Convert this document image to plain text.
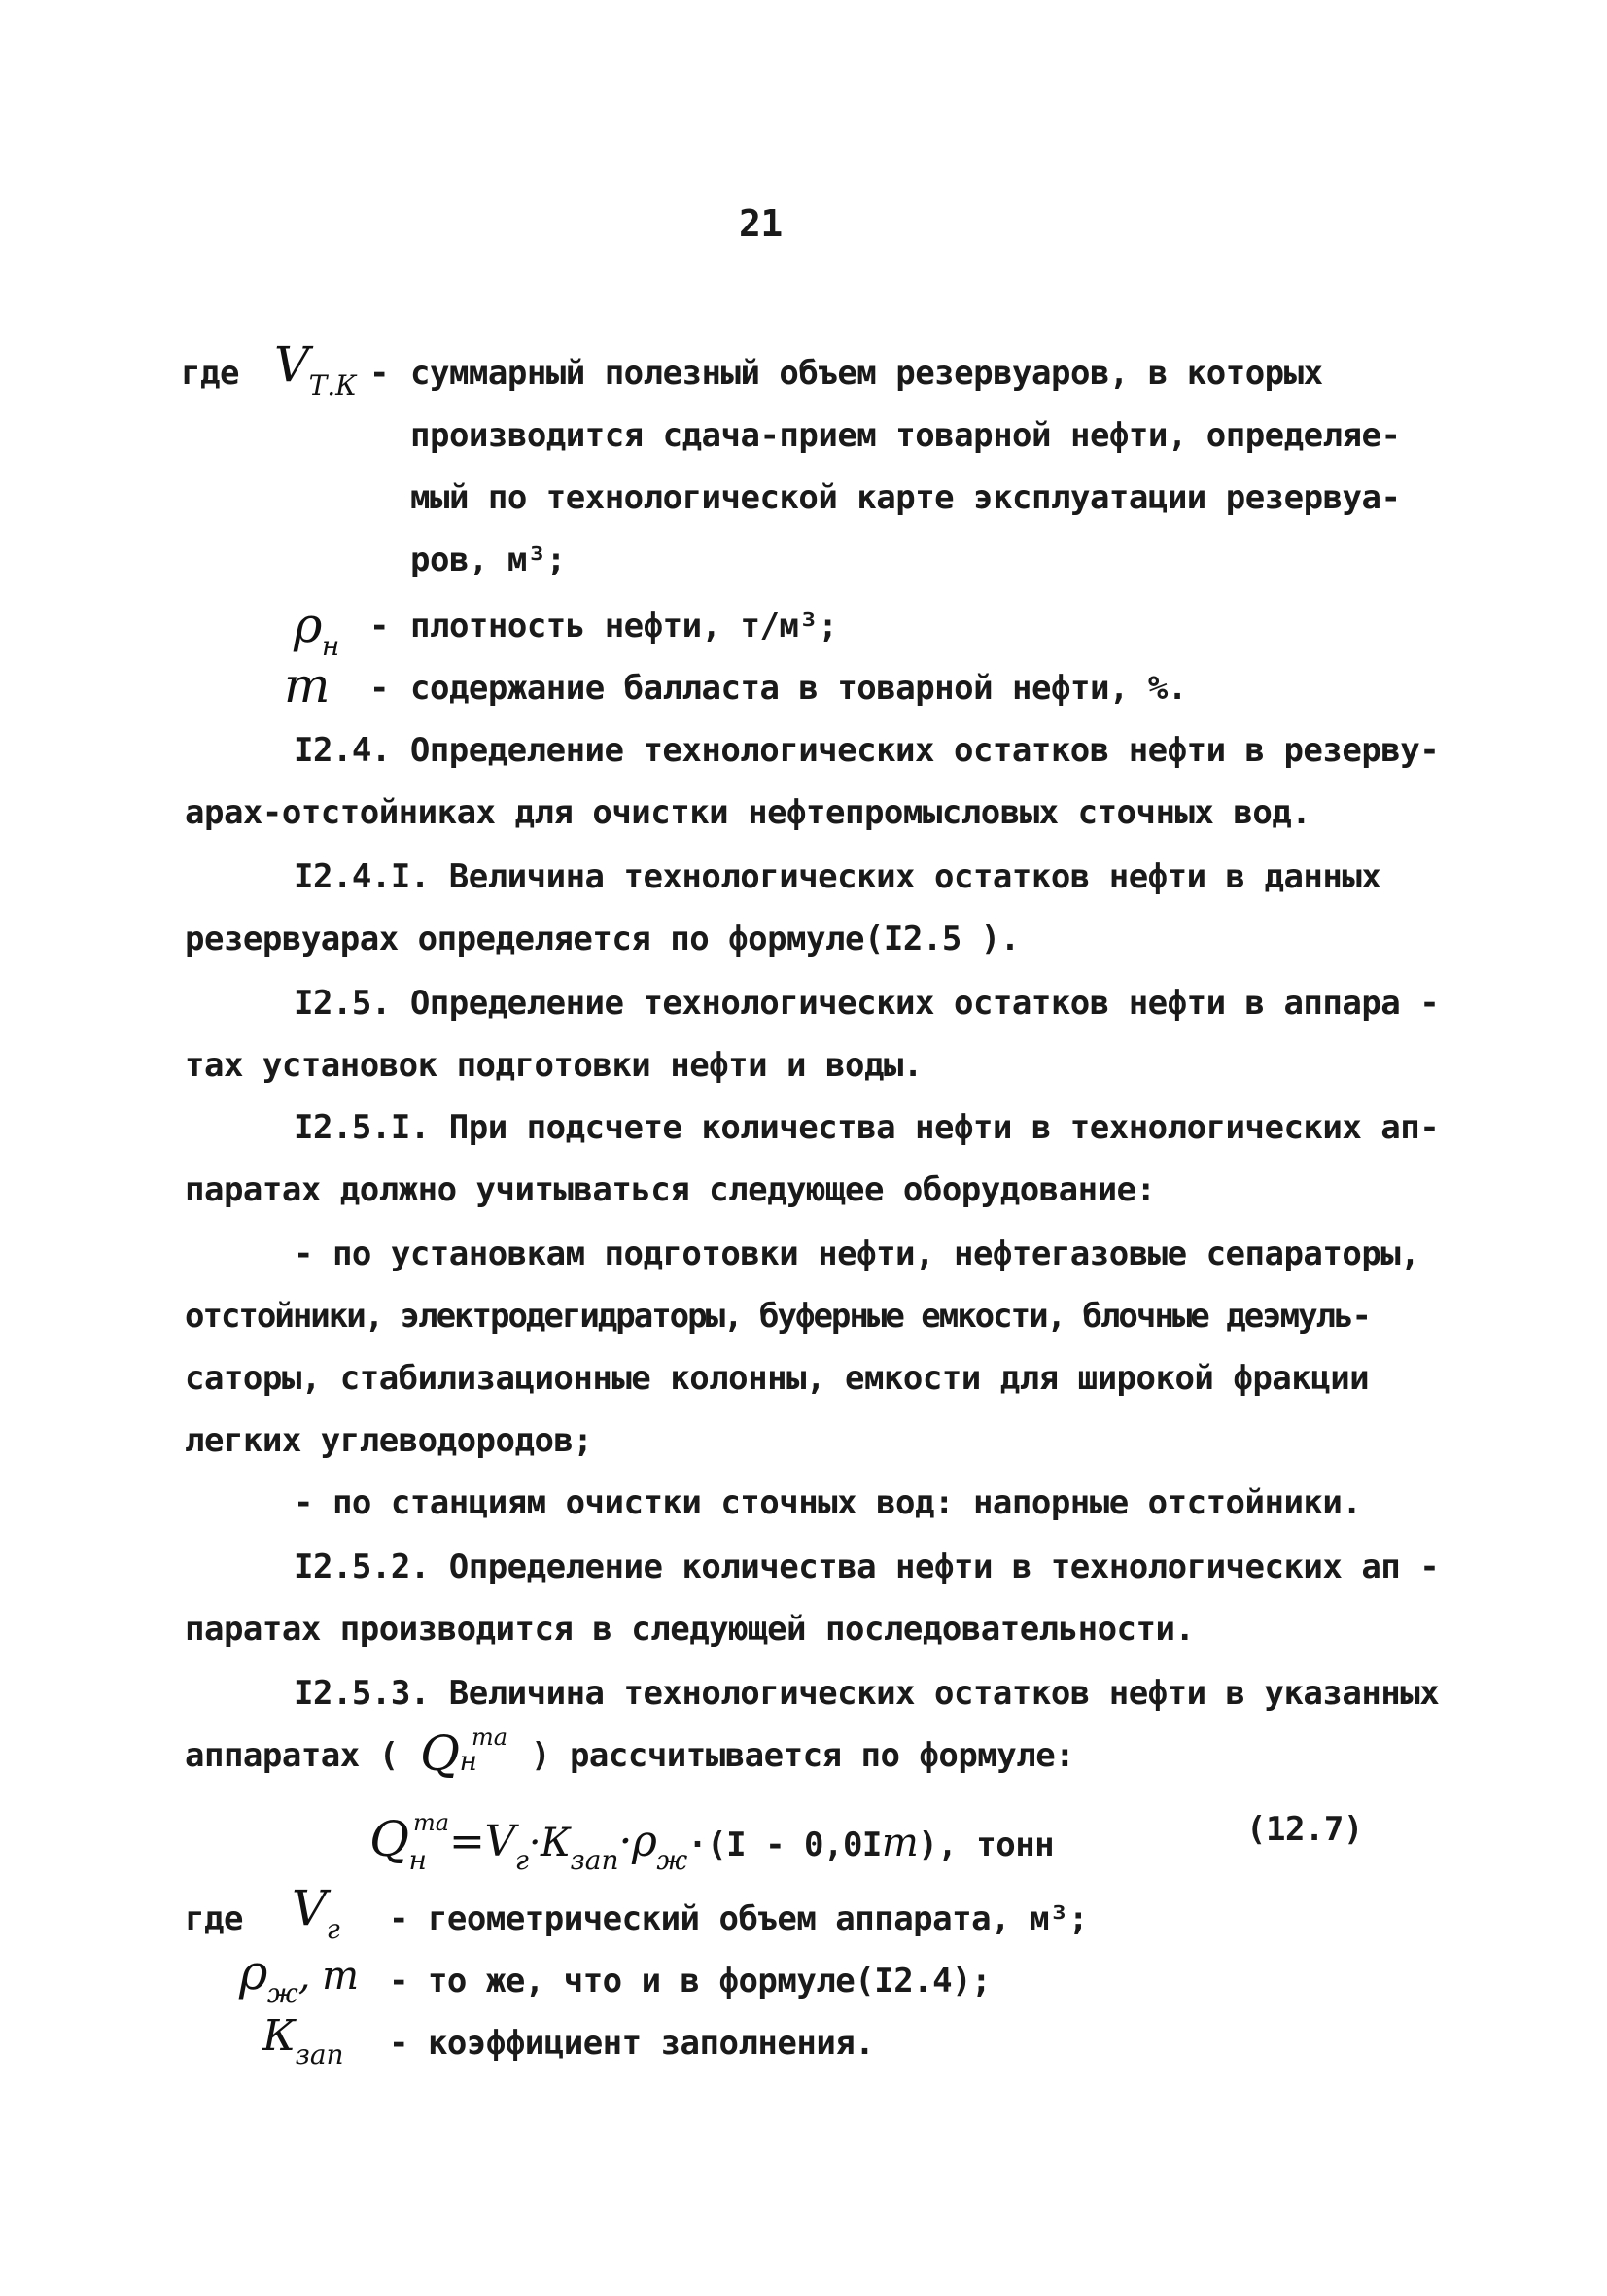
21
где $V_{Т.К}$ - суммарный полезный объем резервуаров, в которых
производится сдача-прием товарной нефти, определяе-
мый по технологической карте эксплуатации резервуа-
ров, м³;
$\rho_н$
- плотность нефти, т/м³;
m - содержание балласта в товарной нефти, %.
I2.4. Определение технологических остатков нефти в резерву-
арах-отстойниках для очистки нефтепромысловых сточных вод.
I2.4.I. Величина технологических остатков нефти в данных
резервуарах определяется по формуле(I2.5 ).
I2.5. Определение технологических остатков нефти в аппара -
тах установок подготовки нефти и воды.
I2.5.I. При подсчете количества нефти в технологических ап-
паратах должно учитываться следующее оборудование:
- по установкам подготовки нефти, нефтегазовые сепараторы,
отстойники, электродегидраторы, буферные емкости, блочные деэмуль-
саторы, стабилизационные колонны, емкости для широкой фракции
легких углеводородов;
- по станциям очистки сточных вод: напорные отстойники.
I2.5.2. Определение количества нефти в технологических ап -
паратах производится в следующей последовательности.
I2.5.3. Величина технологических остатков нефти в указанных
аппаратах ( $Q^{нта}$ ) рассчитывается по формуле:
$Q_н^{та}=V_г\cdot К_{зап}\cdot\rho_ж\cdot(I - 0,0Im)$, тонн	(12.7)
где $V_г$ - геометрический объем аппарата, м³;
$\rho_ж$, m - то же, что и в формуле(I2.4);
$К_{зап}$ - коэффициент заполнения.
